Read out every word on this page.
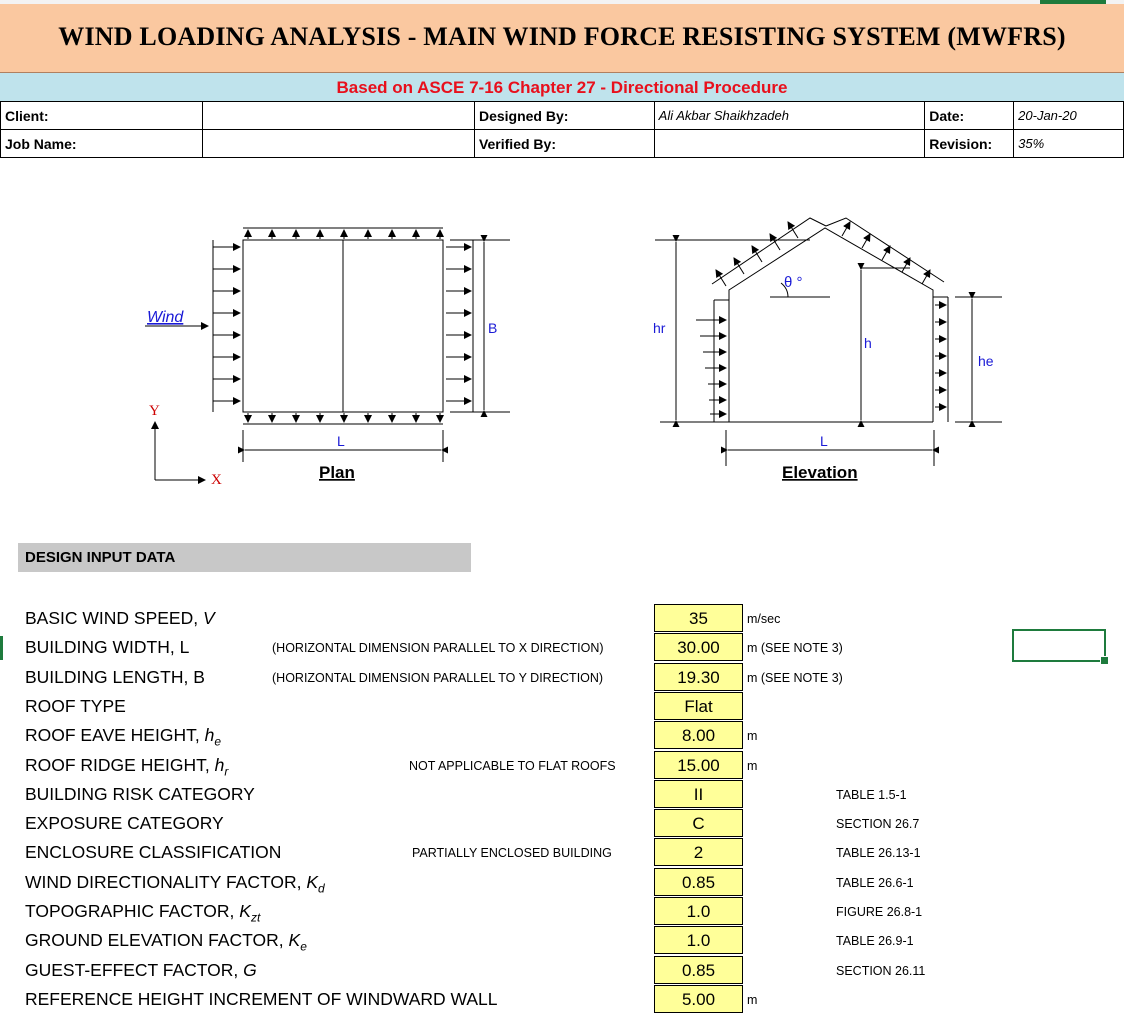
WIND LOADING ANALYSIS - MAIN WIND FORCE RESISTING SYSTEM (MWFRS)
Based on ASCE 7-16 Chapter 27 - Directional Procedure
Client:		Designed By:	Ali Akbar Shaikhzadeh	Date:	20-Jan-20
Job Name:		Verified By:		Revision:	35%
Wind
B
L
Plan
Y
X
hr
h
he
L
θ °
Elevation
DESIGN INPUT DATA
BASIC WIND SPEED, V	35	m/sec
BUILDING WIDTH, L	(HORIZONTAL DIMENSION PARALLEL TO X DIRECTION)	30.00	m (SEE NOTE 3)
BUILDING LENGTH, B	(HORIZONTAL DIMENSION PARALLEL TO Y DIRECTION)	19.30	m (SEE NOTE 3)
ROOF TYPE	Flat
ROOF EAVE HEIGHT, $h_e$	8.00	m
ROOF RIDGE HEIGHT, $h_r$	NOT APPLICABLE TO FLAT ROOFS	15.00	m
BUILDING RISK CATEGORY	II	TABLE 1.5-1
EXPOSURE CATEGORY	C	SECTION 26.7
ENCLOSURE CLASSIFICATION	PARTIALLY ENCLOSED BUILDING	2	TABLE 26.13-1
WIND DIRECTIONALITY FACTOR, $K_d$	0.85	TABLE 26.6-1
TOPOGRAPHIC FACTOR, $K_{zt}$	1.0	FIGURE 26.8-1
GROUND ELEVATION FACTOR, $K_e$	1.0	TABLE 26.9-1
GUEST-EFFECT FACTOR, G	0.85	SECTION 26.11
REFERENCE HEIGHT INCREMENT OF WINDWARD WALL	5.00	m
